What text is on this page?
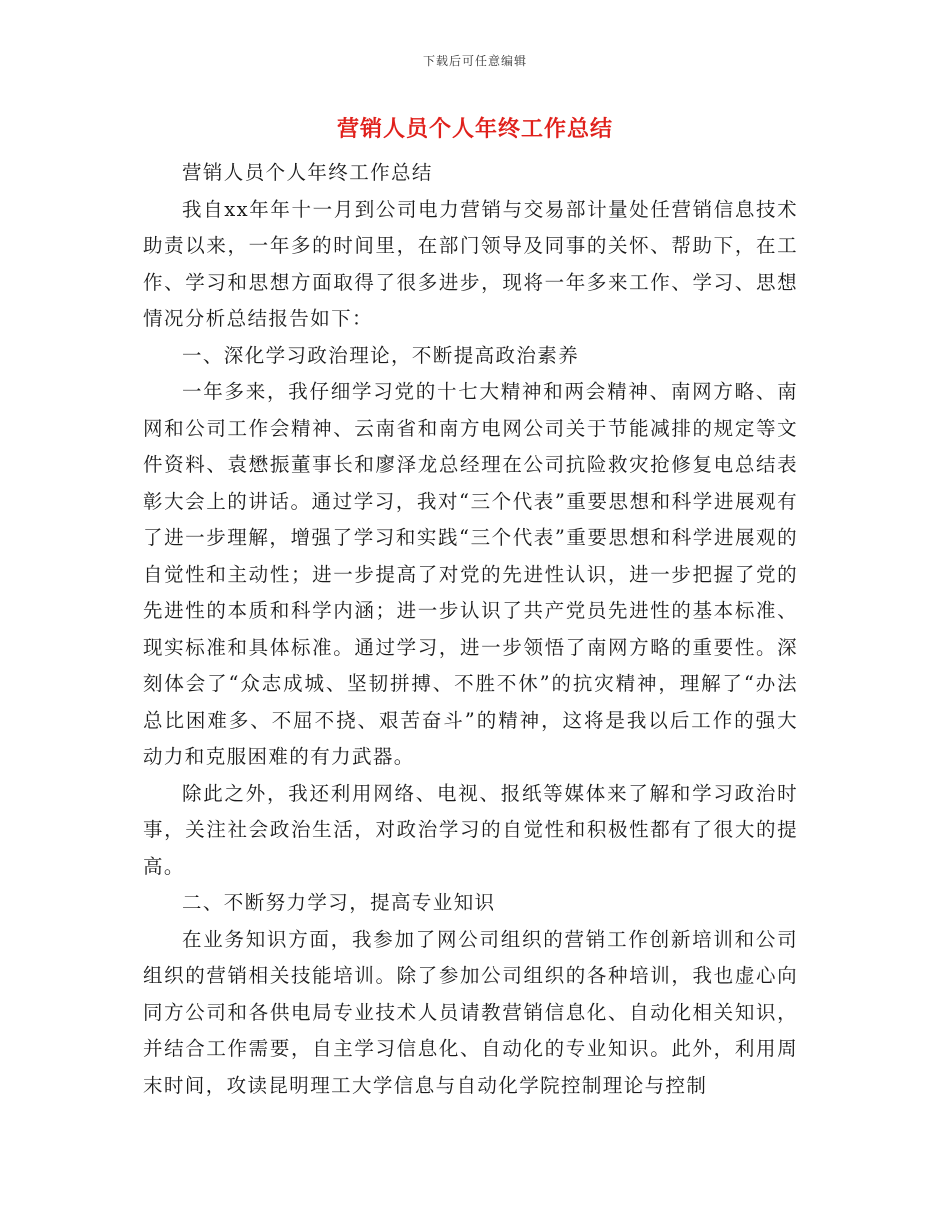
下载后可任意编辑
营销人员个人年终工作总结

营销人员个人年终工作总结

我自xx年年十一月到公司电力营销与交易部计量处任营销信息技术助责以来，一年多的时间里，在部门领导及同事的关怀、帮助下，在工作、学习和思想方面取得了很多进步，现将一年多来工作、学习、思想情况分析总结报告如下：

一、深化学习政治理论，不断提高政治素养

一年多来，我仔细学习党的十七大精神和两会精神、南网方略、南网和公司工作会精神、云南省和南方电网公司关于节能减排的规定等文件资料、袁懋振董事长和廖泽龙总经理在公司抗险救灾抢修复电总结表彰大会上的讲话。通过学习，我对“三个代表”重要思想和科学进展观有了进一步理解，增强了学习和实践“三个代表”重要思想和科学进展观的自觉性和主动性；进一步提高了对党的先进性认识，进一步把握了党的先进性的本质和科学内涵；进一步认识了共产党员先进性的基本标准、现实标准和具体标准。通过学习，进一步领悟了南网方略的重要性。深刻体会了“众志成城、坚韧拼搏、不胜不休”的抗灾精神，理解了“办法总比困难多、不屈不挠、艰苦奋斗”的精神，这将是我以后工作的强大动力和克服困难的有力武器。

除此之外，我还利用网络、电视、报纸等媒体来了解和学习政治时事，关注社会政治生活，对政治学习的自觉性和积极性都有了很大的提高。

二、不断努力学习，提高专业知识

在业务知识方面，我参加了网公司组织的营销工作创新培训和公司组织的营销相关技能培训。除了参加公司组织的各种培训，我也虚心向同方公司和各供电局专业技术人员请教营销信息化、自动化相关知识，并结合工作需要，自主学习信息化、自动化的专业知识。此外，利用周末时间，攻读昆明理工大学信息与自动化学院控制理论与控制
